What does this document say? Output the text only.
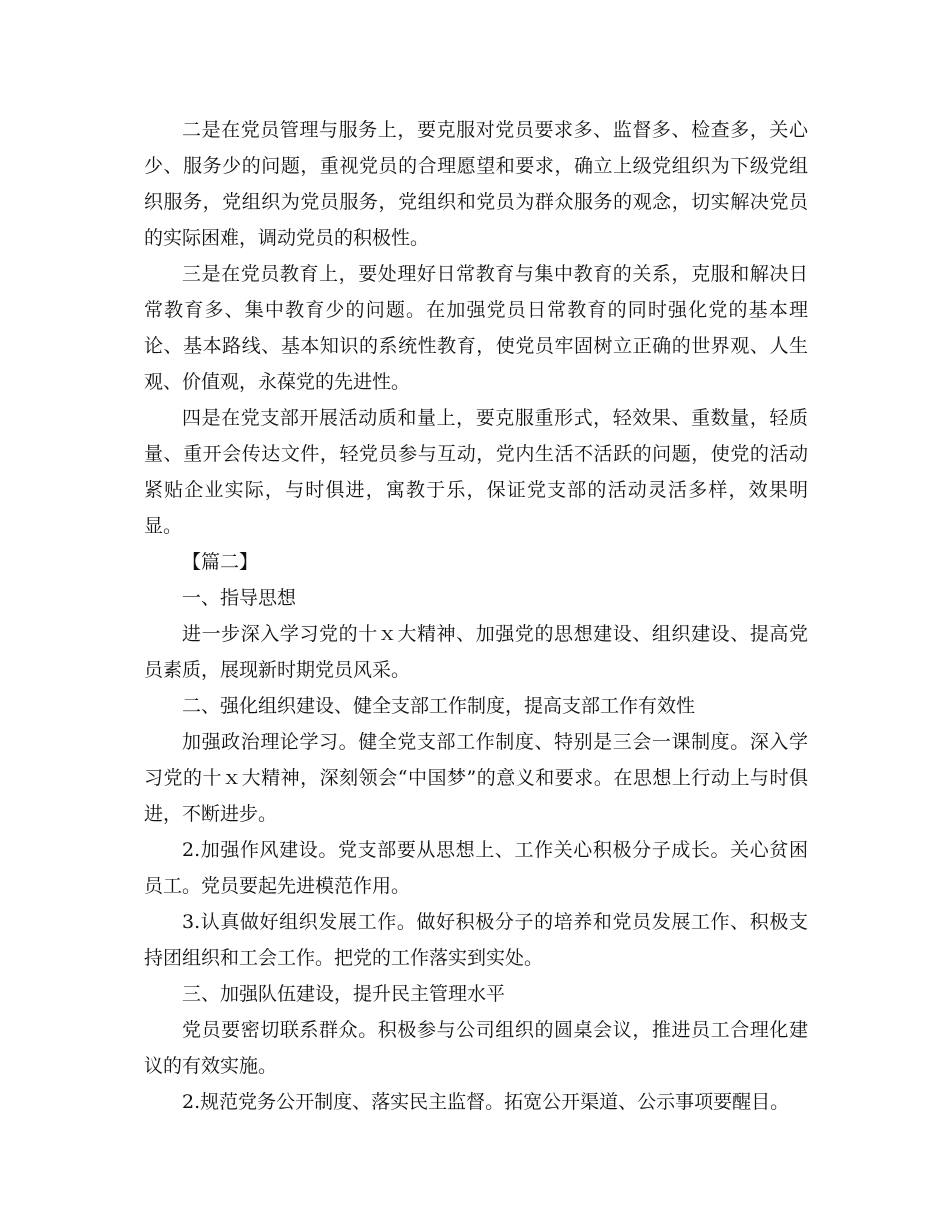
二是在党员管理与服务上，要克服对党员要求多、监督多、检查多，关心少、服务少的问题，重视党员的合理愿望和要求，确立上级党组织为下级党组织服务，党组织为党员服务，党组织和党员为群众服务的观念，切实解决党员的实际困难，调动党员的积极性。

三是在党员教育上，要处理好日常教育与集中教育的关系，克服和解决日常教育多、集中教育少的问题。在加强党员日常教育的同时强化党的基本理论、基本路线、基本知识的系统性教育，使党员牢固树立正确的世界观、人生观、价值观，永葆党的先进性。

四是在党支部开展活动质和量上，要克服重形式，轻效果、重数量，轻质量、重开会传达文件，轻党员参与互动，党内生活不活跃的问题，使党的活动紧贴企业实际，与时俱进，寓教于乐，保证党支部的活动灵活多样，效果明显。

【篇二】

一、指导思想

进一步深入学习党的十ｘ大精神、加强党的思想建设、组织建设、提高党员素质，展现新时期党员风采。

二、强化组织建设、健全支部工作制度，提高支部工作有效性

加强政治理论学习。健全党支部工作制度、特别是三会一课制度。深入学习党的十ｘ大精神，深刻领会“中国梦”的意义和要求。在思想上行动上与时俱进，不断进步。

2.加强作风建设。党支部要从思想上、工作关心积极分子成长。关心贫困员工。党员要起先进模范作用。

3.认真做好组织发展工作。做好积极分子的培养和党员发展工作、积极支持团组织和工会工作。把党的工作落实到实处。

三、加强队伍建设，提升民主管理水平

党员要密切联系群众。积极参与公司组织的圆桌会议，推进员工合理化建议的有效实施。

2.规范党务公开制度、落实民主监督。拓宽公开渠道、公示事项要醒目。
